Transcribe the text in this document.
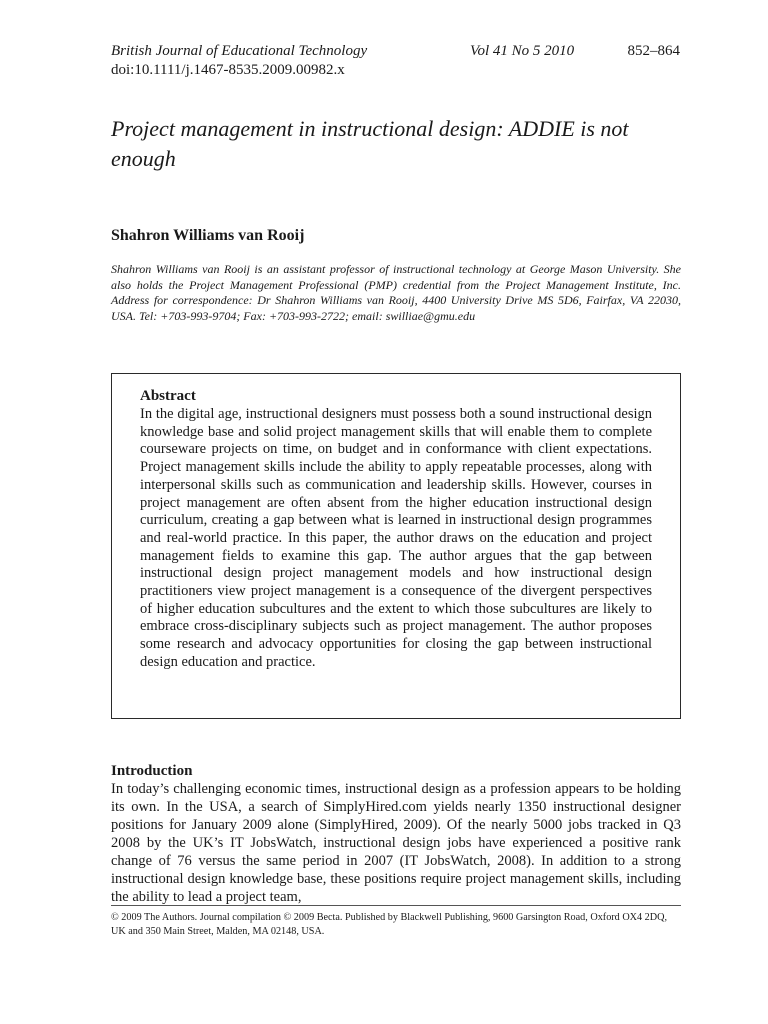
British Journal of Educational Technology	Vol 41 No 5 2010	852–864
doi:10.1111/j.1467-8535.2009.00982.x
Project management in instructional design: ADDIE is not enough
Shahron Williams van Rooij
Shahron Williams van Rooij is an assistant professor of instructional technology at George Mason University. She also holds the Project Management Professional (PMP) credential from the Project Management Institute, Inc. Address for correspondence: Dr Shahron Williams van Rooij, 4400 University Drive MS 5D6, Fairfax, VA 22030, USA. Tel: +703-993-9704; Fax: +703-993-2722; email: swilliae@gmu.edu
Abstract
In the digital age, instructional designers must possess both a sound instructional design knowledge base and solid project management skills that will enable them to complete courseware projects on time, on budget and in conformance with client expectations. Project management skills include the ability to apply repeatable processes, along with interpersonal skills such as communication and leadership skills. However, courses in project management are often absent from the higher education instructional design curriculum, creating a gap between what is learned in instructional design programmes and real-world practice. In this paper, the author draws on the education and project management fields to examine this gap. The author argues that the gap between instructional design project management models and how instructional design practitioners view project management is a consequence of the divergent perspectives of higher education subcultures and the extent to which those subcultures are likely to embrace cross-disciplinary subjects such as project management. The author proposes some research and advocacy opportunities for closing the gap between instructional design education and practice.
Introduction
In today’s challenging economic times, instructional design as a profession appears to be holding its own. In the USA, a search of SimplyHired.com yields nearly 1350 instructional designer positions for January 2009 alone (SimplyHired, 2009). Of the nearly 5000 jobs tracked in Q3 2008 by the UK’s IT JobsWatch, instructional design jobs have experienced a positive rank change of 76 versus the same period in 2007 (IT JobsWatch, 2008). In addition to a strong instructional design knowledge base, these positions require project management skills, including the ability to lead a project team,
© 2009 The Authors. Journal compilation © 2009 Becta. Published by Blackwell Publishing, 9600 Garsington Road, Oxford OX4 2DQ, UK and 350 Main Street, Malden, MA 02148, USA.
